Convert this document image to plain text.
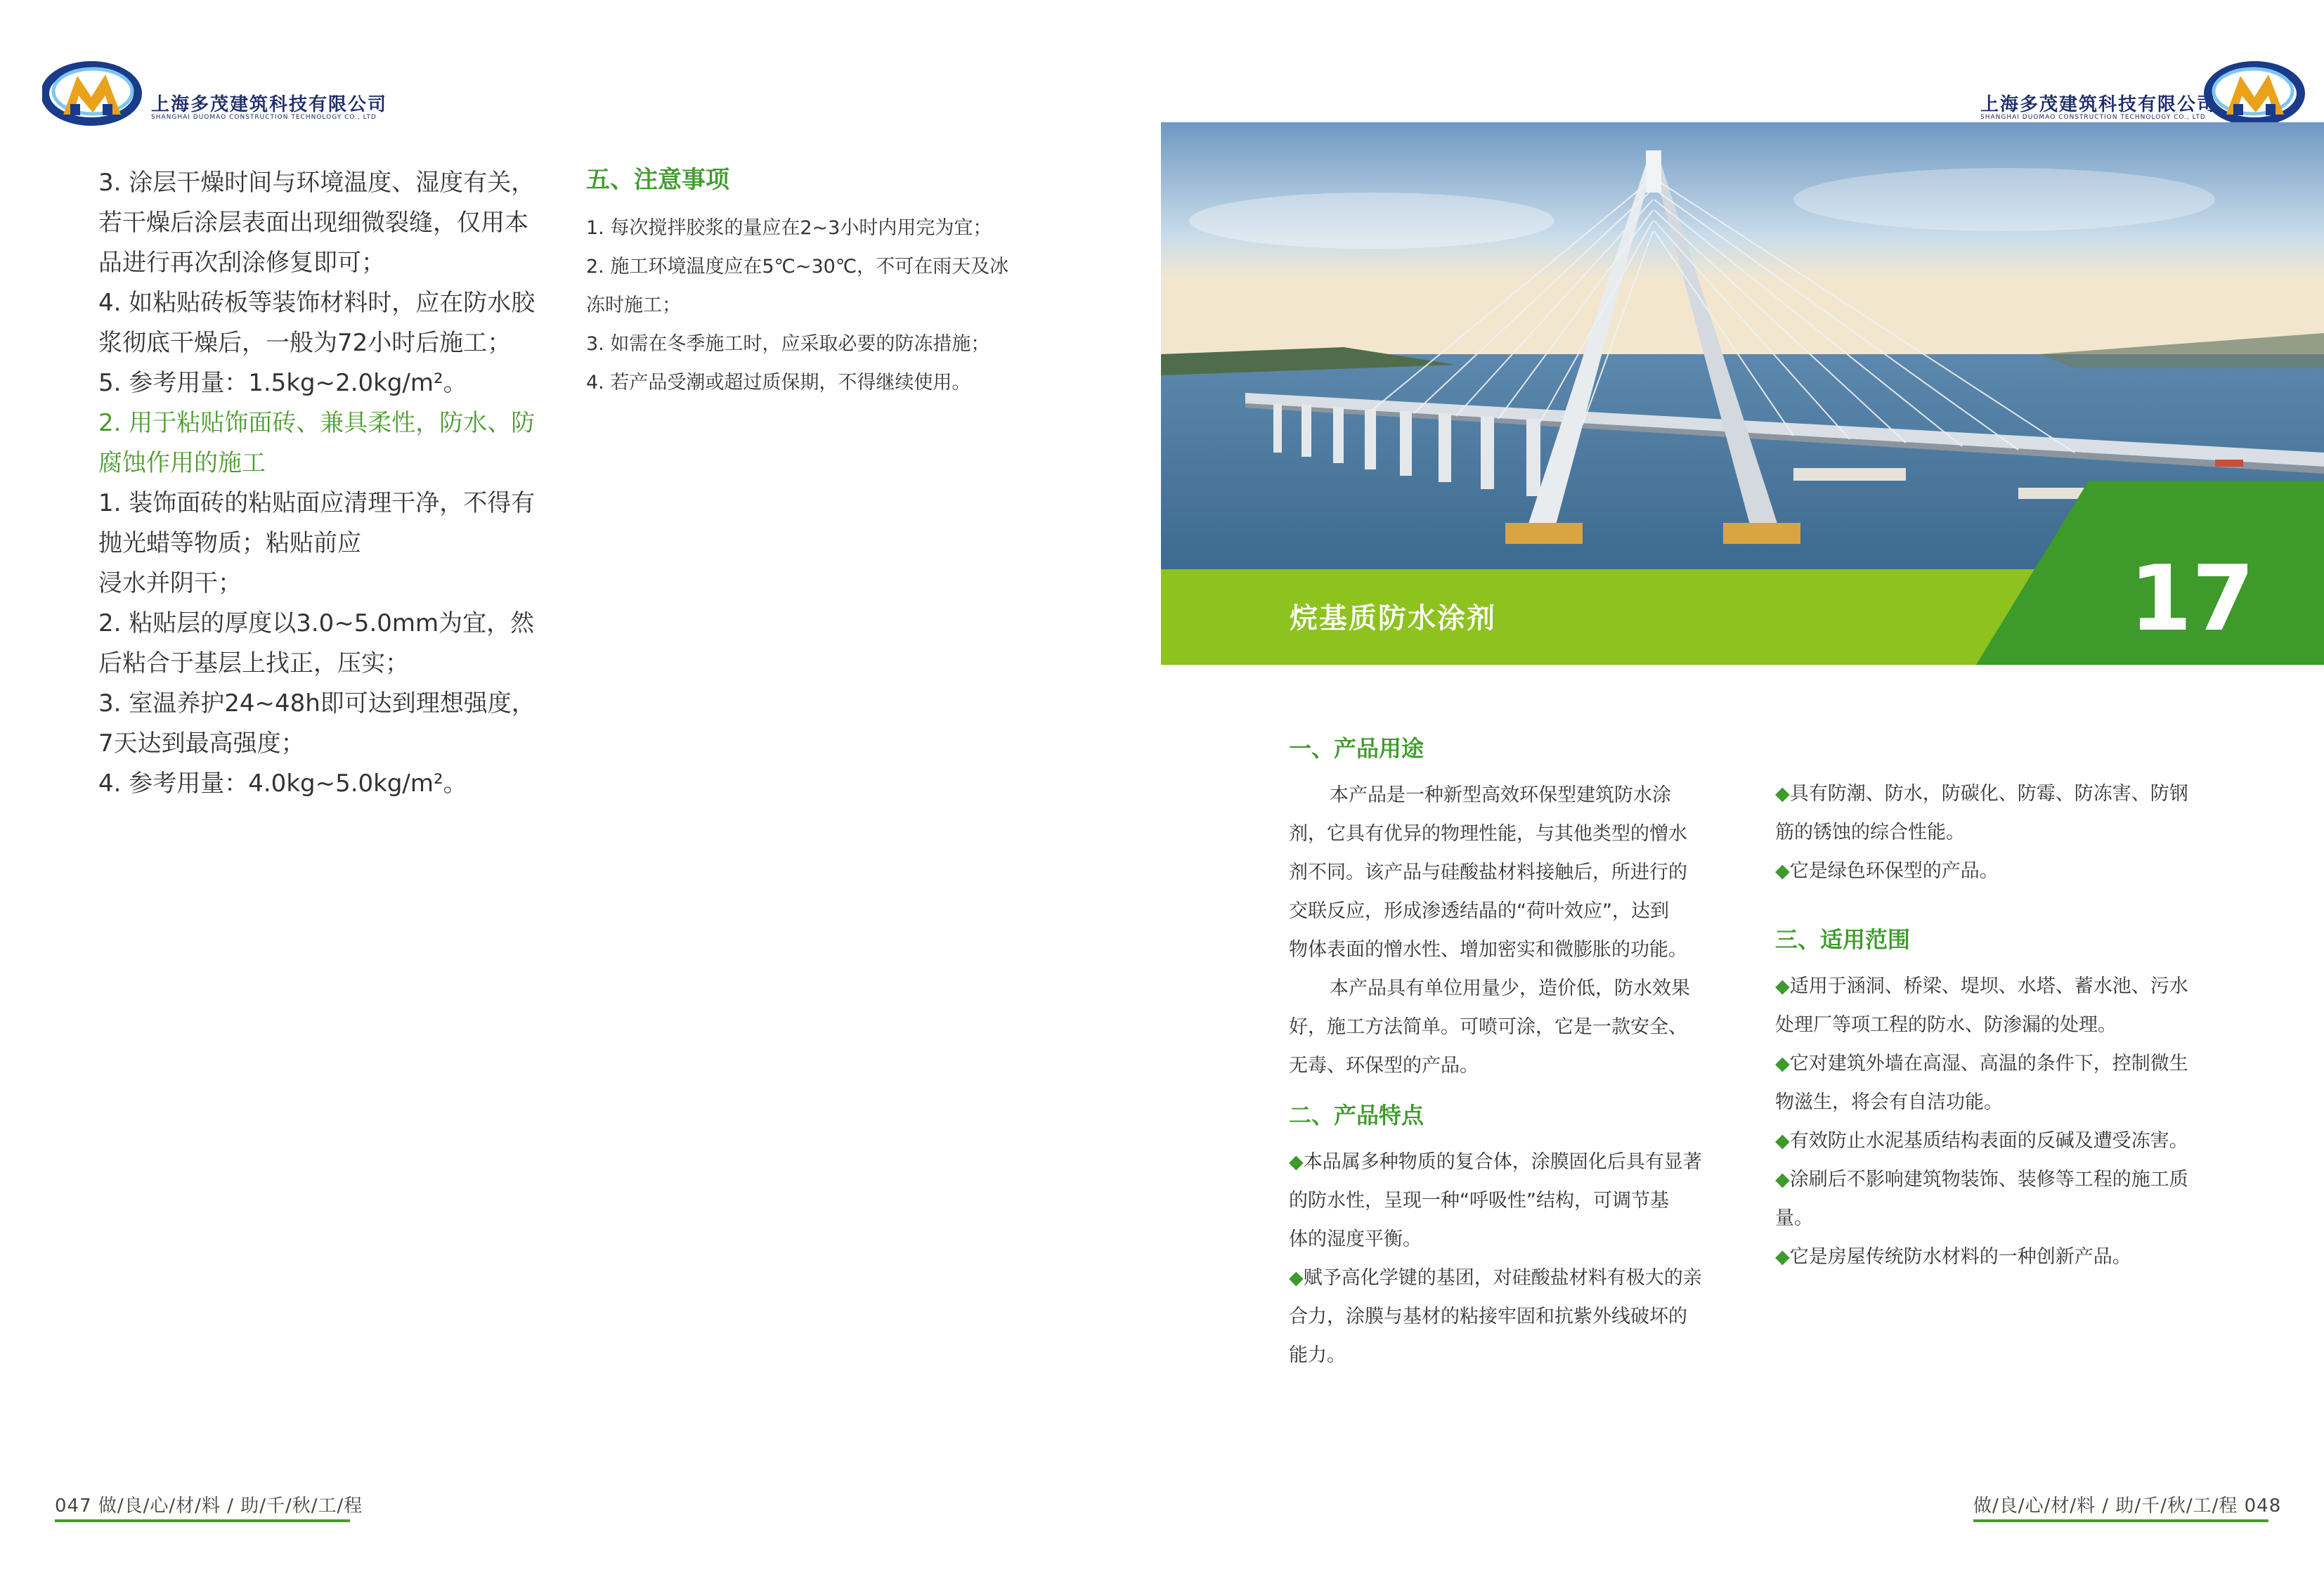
上海多茂建筑科技有限公司
SHANGHAI DUOMAO CONSTRUCTION TECHNOLOGY CO., LTD
上海多茂建筑科技有限公司
SHANGHAI DUOMAO CONSTRUCTION TECHNOLOGY CO., LTD

3. 涂层干燥时间与环境温度、湿度有关，

若干燥后涂层表面出现细微裂缝，仅用本

品进行再次刮涂修复即可；

4. 如粘贴砖板等装饰材料时，应在防水胶

浆彻底干燥后，一般为72小时后施工；

5. 参考用量：1.5kg~2.0kg/m²。

2. 用于粘贴饰面砖、兼具柔性，防水、防

腐蚀作用的施工

1. 装饰面砖的粘贴面应清理干净，不得有

抛光蜡等物质；粘贴前应

浸水并阴干；

2. 粘贴层的厚度以3.0~5.0mm为宜，然

后粘合于基层上找正，压实；

3. 室温养护24~48h即可达到理想强度，

7天达到最高强度；

4. 参考用量：4.0kg~5.0kg/m²。

五、注意事项

1. 每次搅拌胶浆的量应在2~3小时内用完为宜；

2. 施工环境温度应在5℃~30℃，不可在雨天及冰

冻时施工；

3. 如需在冬季施工时，应采取必要的防冻措施；

4. 若产品受潮或超过质保期，不得继续使用。

047 做/良/心/材/料 / 助/千/秋/工/程
烷基质防水涂剂	17
一、产品用途

本产品是一种新型高效环保型建筑防水涂

剂，它具有优异的物理性能，与其他类型的憎水

剂不同。该产品与硅酸盐材料接触后，所进行的

交联反应，形成渗透结晶的“荷叶效应”，达到

物体表面的憎水性、增加密实和微膨胀的功能。

本产品具有单位用量少，造价低，防水效果

好，施工方法简单。可喷可涂，它是一款安全、

无毒、环保型的产品。

二、产品特点

◆本品属多种物质的复合体，涂膜固化后具有显著

的防水性，呈现一种“呼吸性”结构，可调节基

体的湿度平衡。

◆赋予高化学键的基团，对硅酸盐材料有极大的亲

合力，涂膜与基材的粘接牢固和抗紫外线破坏的

能力。

◆具有防潮、防水，防碳化、防霉、防冻害、防钢

筋的锈蚀的综合性能。

◆它是绿色环保型的产品。

三、适用范围

◆适用于涵洞、桥梁、堤坝、水塔、蓄水池、污水

处理厂等项工程的防水、防渗漏的处理。

◆它对建筑外墙在高湿、高温的条件下，控制微生

物滋生，将会有自洁功能。

◆有效防止水泥基质结构表面的反碱及遭受冻害。

◆涂刷后不影响建筑物装饰、装修等工程的施工质

量。

◆它是房屋传统防水材料的一种创新产品。

做/良/心/材/料 / 助/千/秋/工/程 048
